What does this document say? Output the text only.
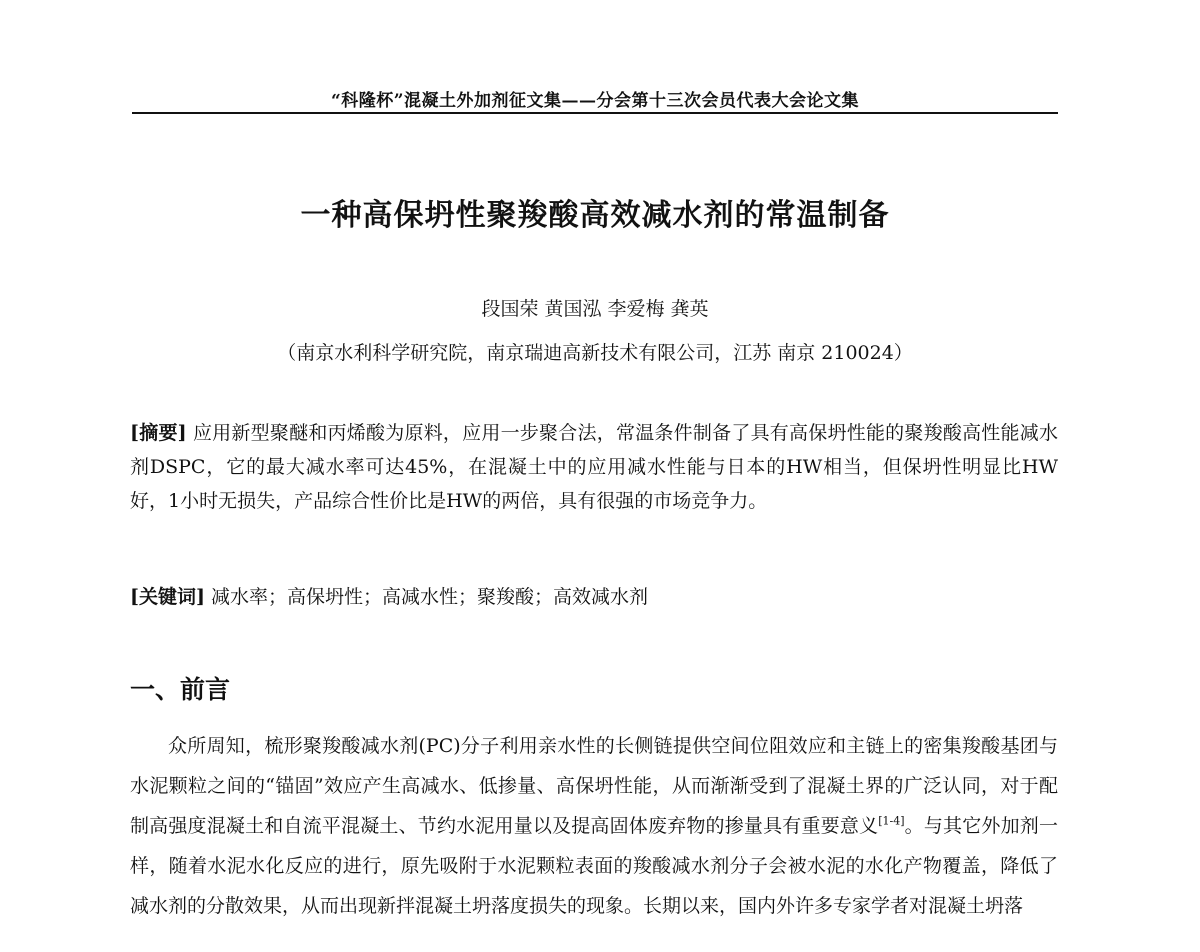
“科隆杯”混凝土外加剂征文集——分会第十三次会员代表大会论文集
一种高保坍性聚羧酸高效减水剂的常温制备
段国荣 黄国泓 李爱梅 龚英
（南京水利科学研究院，南京瑞迪高新技术有限公司，江苏 南京 210024）
[摘要] 应用新型聚醚和丙烯酸为原料，应用一步聚合法，常温条件制备了具有高保坍性能的聚羧酸高性能减水剂DSPC，它的最大减水率可达45%，在混凝土中的应用减水性能与日本的HW相当，但保坍性明显比HW好，1小时无损失，产品综合性价比是HW的两倍，具有很强的市场竞争力。
[关键词] 减水率；高保坍性；高减水性；聚羧酸；高效减水剂
一、前言

众所周知，梳形聚羧酸减水剂(PC)分子利用亲水性的长侧链提供空间位阻效应和主链上的密集羧酸基团与水泥颗粒之间的“锚固”效应产生高减水、低掺量、高保坍性能，从而渐渐受到了混凝土界的广泛认同，对于配制高强度混凝土和自流平混凝土、节约水泥用量以及提高固体废弃物的掺量具有重要意义[1-4]。与其它外加剂一样，随着水泥水化反应的进行，原先吸附于水泥颗粒表面的羧酸减水剂分子会被水泥的水化产物覆盖，降低了减水剂的分散效果，从而出现新拌混凝土坍落度损失的现象。长期以来，国内外许多专家学者对混凝土坍落
